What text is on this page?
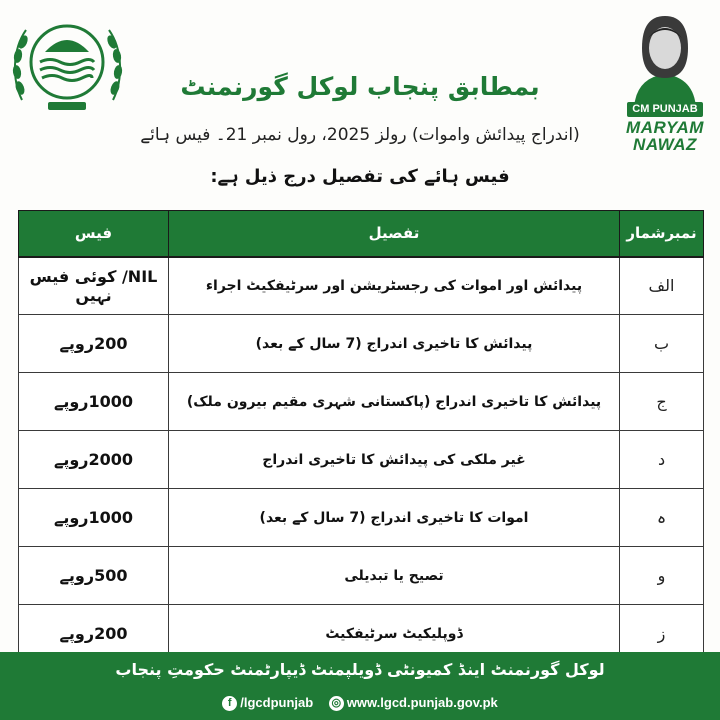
CM PUNJAB
MARYAM
NAWAZ
بمطابق پنجاب لوکل گورنمنٹ
(اندراج پیدائش واموات) رولز 2025، رول نمبر 21۔ فیس ہائے
فیس ہائے کی تفصیل درج ذیل ہے:
نمبرشمار	تفصیل	فیس
الف	پیدائش اور اموات کی رجسٹریشن اور سرٹیفکیٹ اجراء	NIL/ کوئی فیس نہیں
ب	پیدائش کا تاخیری اندراج (7 سال کے بعد)	200روپے
ج	پیدائش کا تاخیری اندراج (پاکستانی شہری مقیم بیرون ملک)	1000روپے
د	غیر ملکی کی پیدائش کا تاخیری اندراج	2000روپے
ہ	اموات کا تاخیری اندراج (7 سال کے بعد)	1000روپے
و	تصیح یا تبدیلی	500روپے
ز	ڈوپلیکیٹ سرٹیفکیٹ	200روپے
لوکل گورنمنٹ اینڈ کمیونٹی ڈویلپمنٹ ڈیپارٹمنٹ حکومتِ پنجاب
f /lgcdpunjab ◎ www.lgcd.punjab.gov.pk
